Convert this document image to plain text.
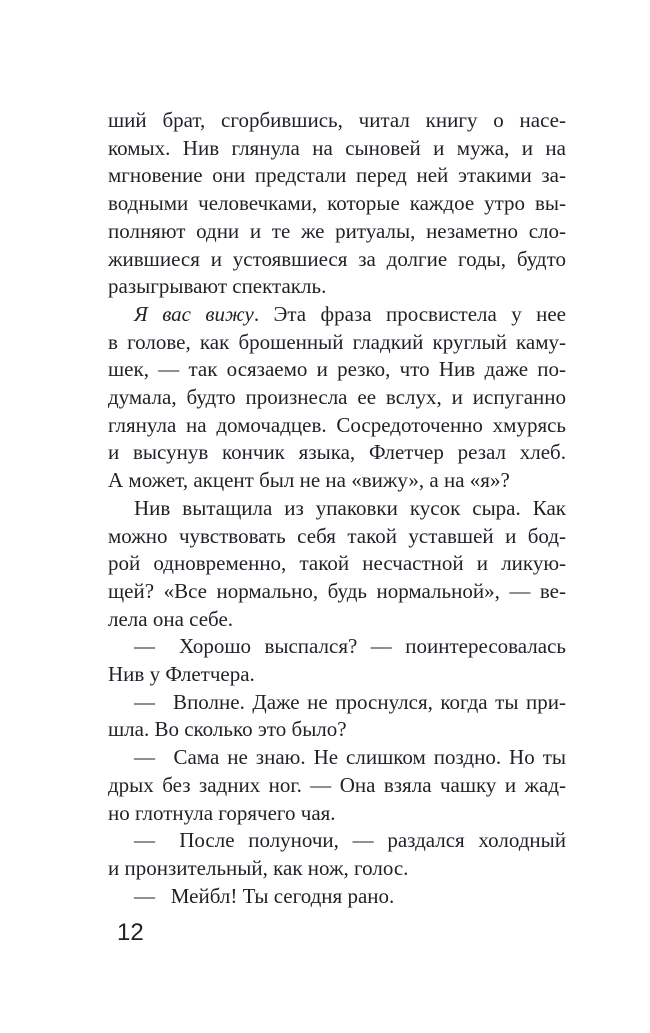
ший брат, сгорбившись, читал книгу о насе-
комых. Нив глянула на сыновей и мужа, и на
мгновение они предстали перед ней этакими за-
водными человечками, которые каждое утро вы-
полняют одни и те же ритуалы, незаметно сло-
жившиеся и устоявшиеся за долгие годы, будто
разыгрывают спектакль.
Я вас вижу. Эта фраза просвистела у нее
в голове, как брошенный гладкий круглый каму-
шек, — так осязаемо и резко, что Нив даже по-
думала, будто произнесла ее вслух, и испуганно
глянула на домочадцев. Сосредоточенно хмурясь
и высунув кончик языка, Флетчер резал хлеб.
А может, акцент был не на «вижу», а на «я»?
Нив вытащила из упаковки кусок сыра. Как
можно чувствовать себя такой уставшей и бод-
рой одновременно, такой несчастной и ликую-
щей? «Все нормально, будь нормальной», — ве-
лела она себе.
— Хорошо выспался? — поинтересовалась
Нив у Флетчера.
— Вполне. Даже не проснулся, когда ты при-
шла. Во сколько это было?
— Сама не знаю. Не слишком поздно. Но ты
дрых без задних ног. — Она взяла чашку и жад-
но глотнула горячего чая.
— После полуночи, — раздался холодный
и пронзительный, как нож, голос.
— Мейбл! Ты сегодня рано.
12
